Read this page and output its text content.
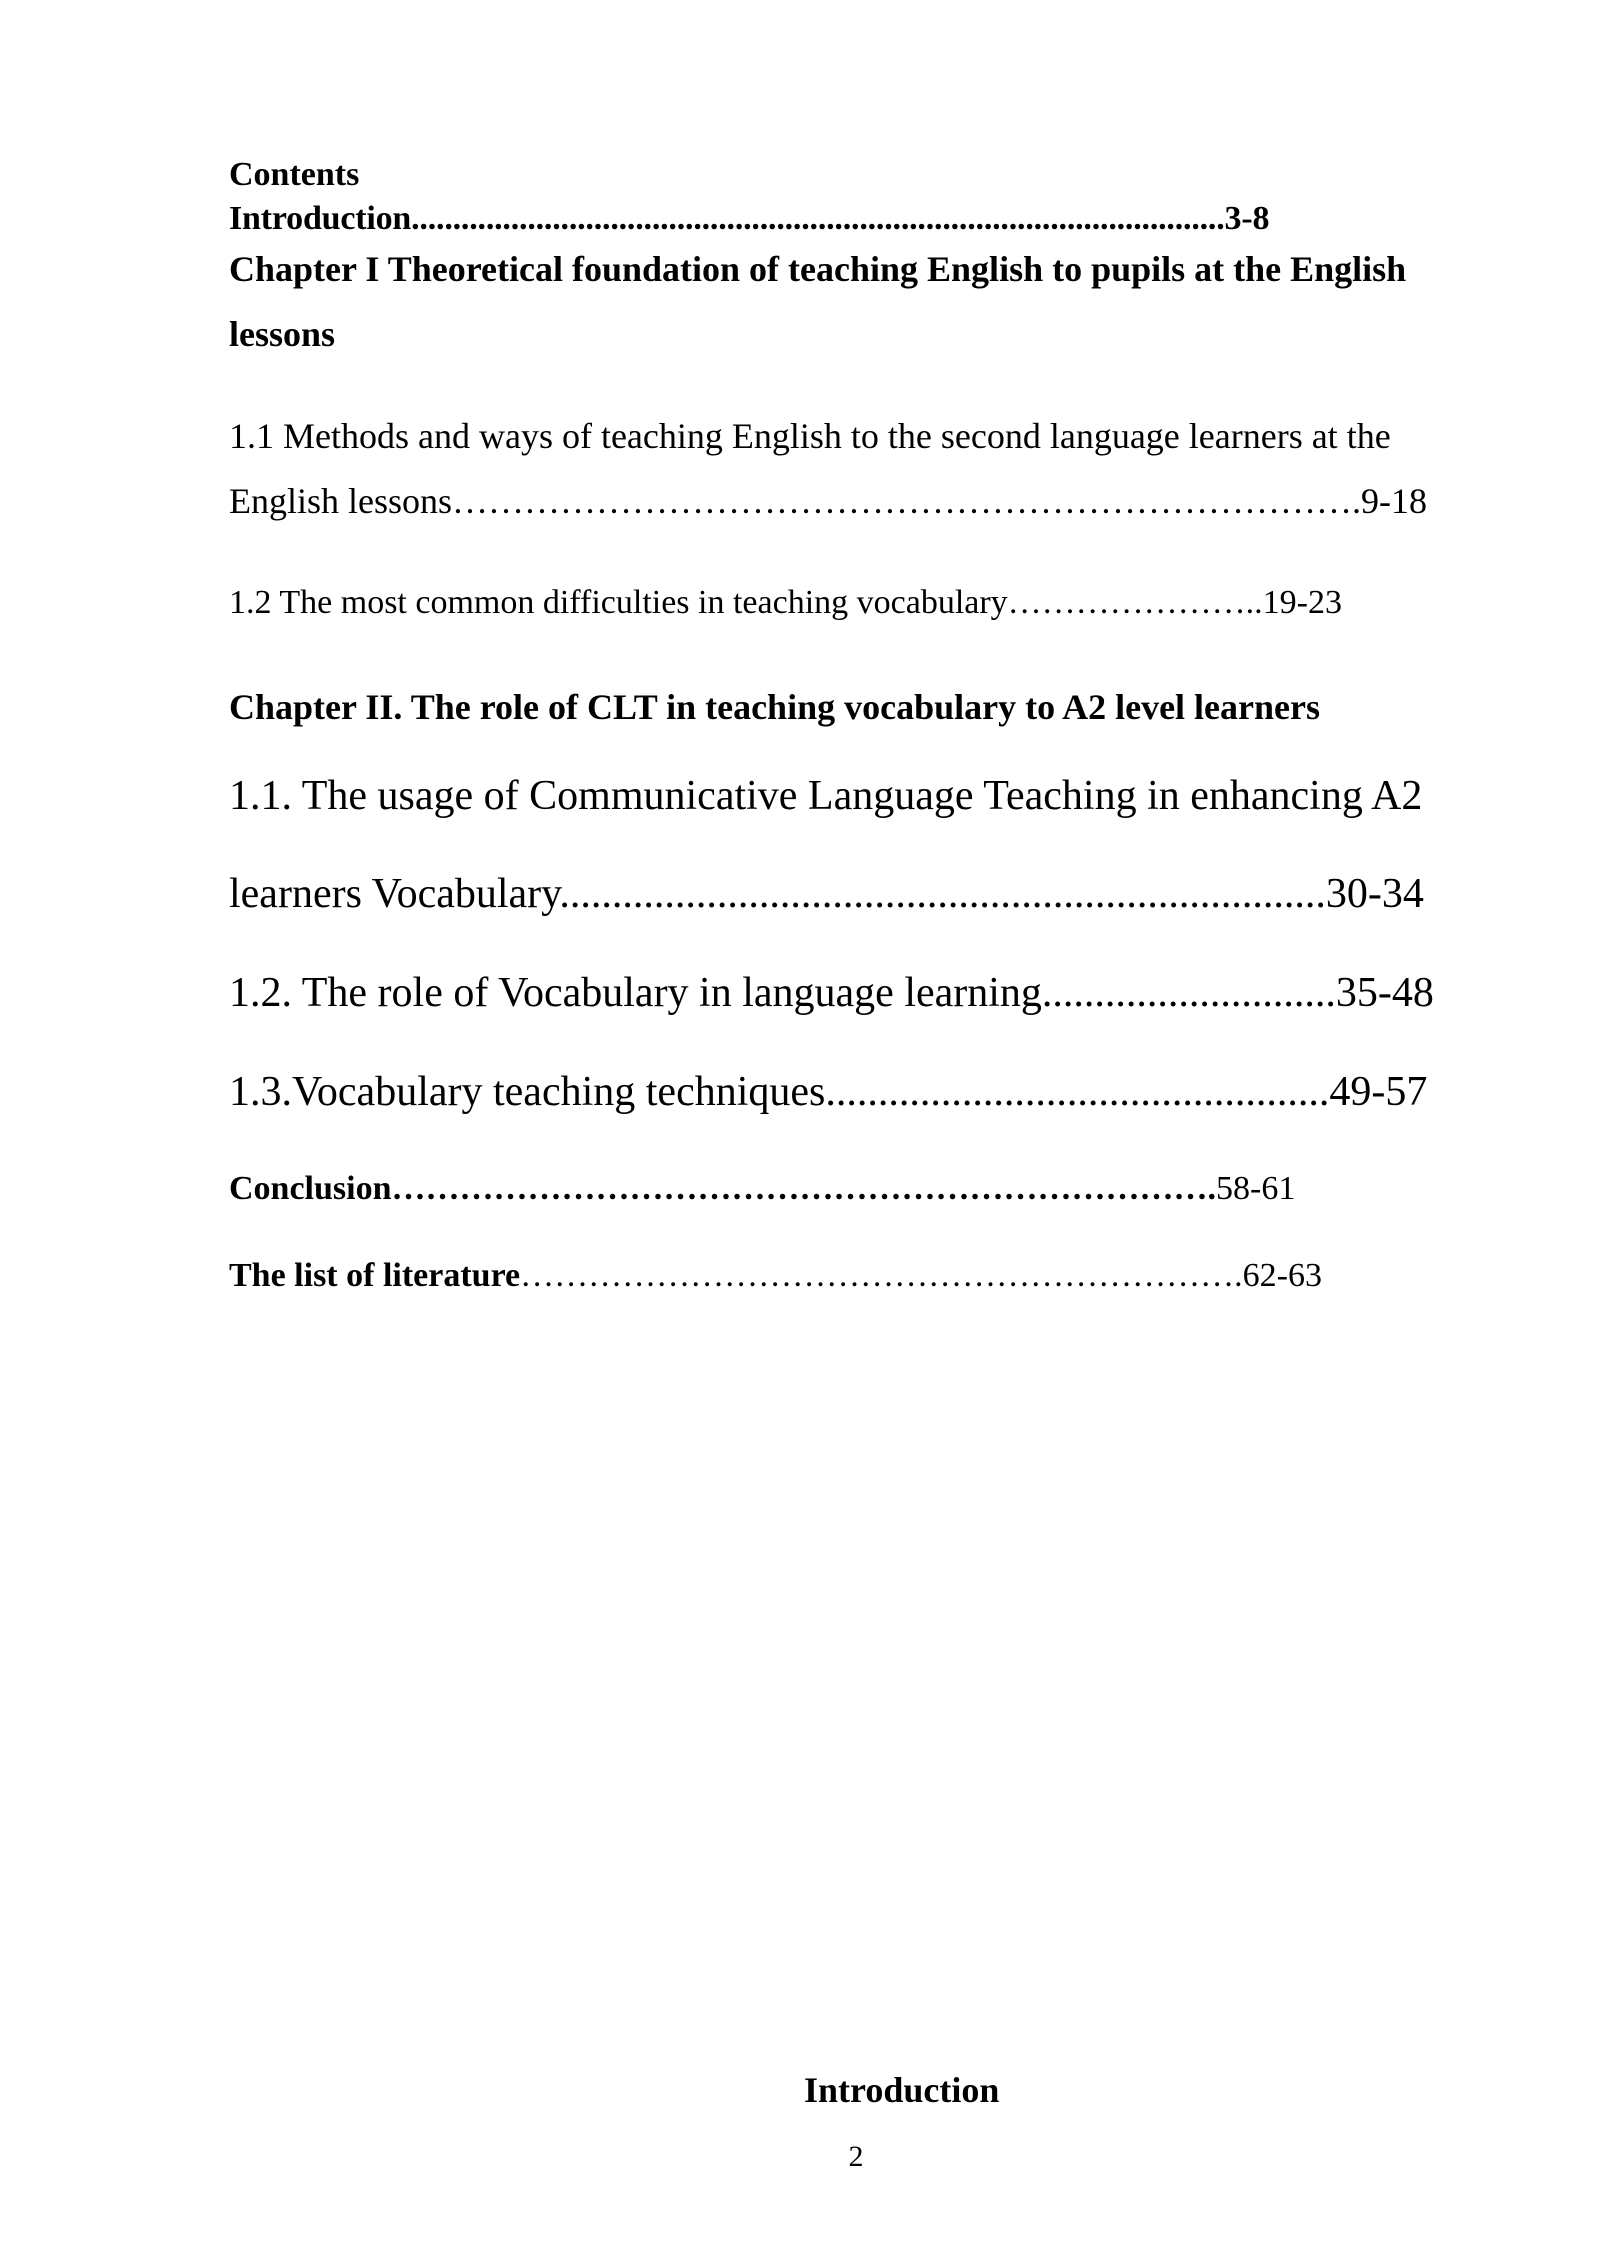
Contents
Introduction..................................................................................................3-8
Chapter I Theoretical foundation of teaching English to pupils at the English
lessons
1.1 Methods and ways of teaching English to the second language learners at the
English lessons………………………………………………………………….9-18
1.2 The most common difficulties in teaching vocabulary…………………..19-23
Chapter II. The role of CLT in teaching vocabulary to A2 level learners
1.1. The usage of Communicative Language Teaching in enhancing A2
learners Vocabulary.........................................................................30-34
1.2. The role of Vocabulary in language learning............................35-48
1.3.Vocabulary teaching techniques................................................49-57
Conclusion……………………………………………………………….58-61
The list of literature……………………………………………………….62-63
Introduction
2
